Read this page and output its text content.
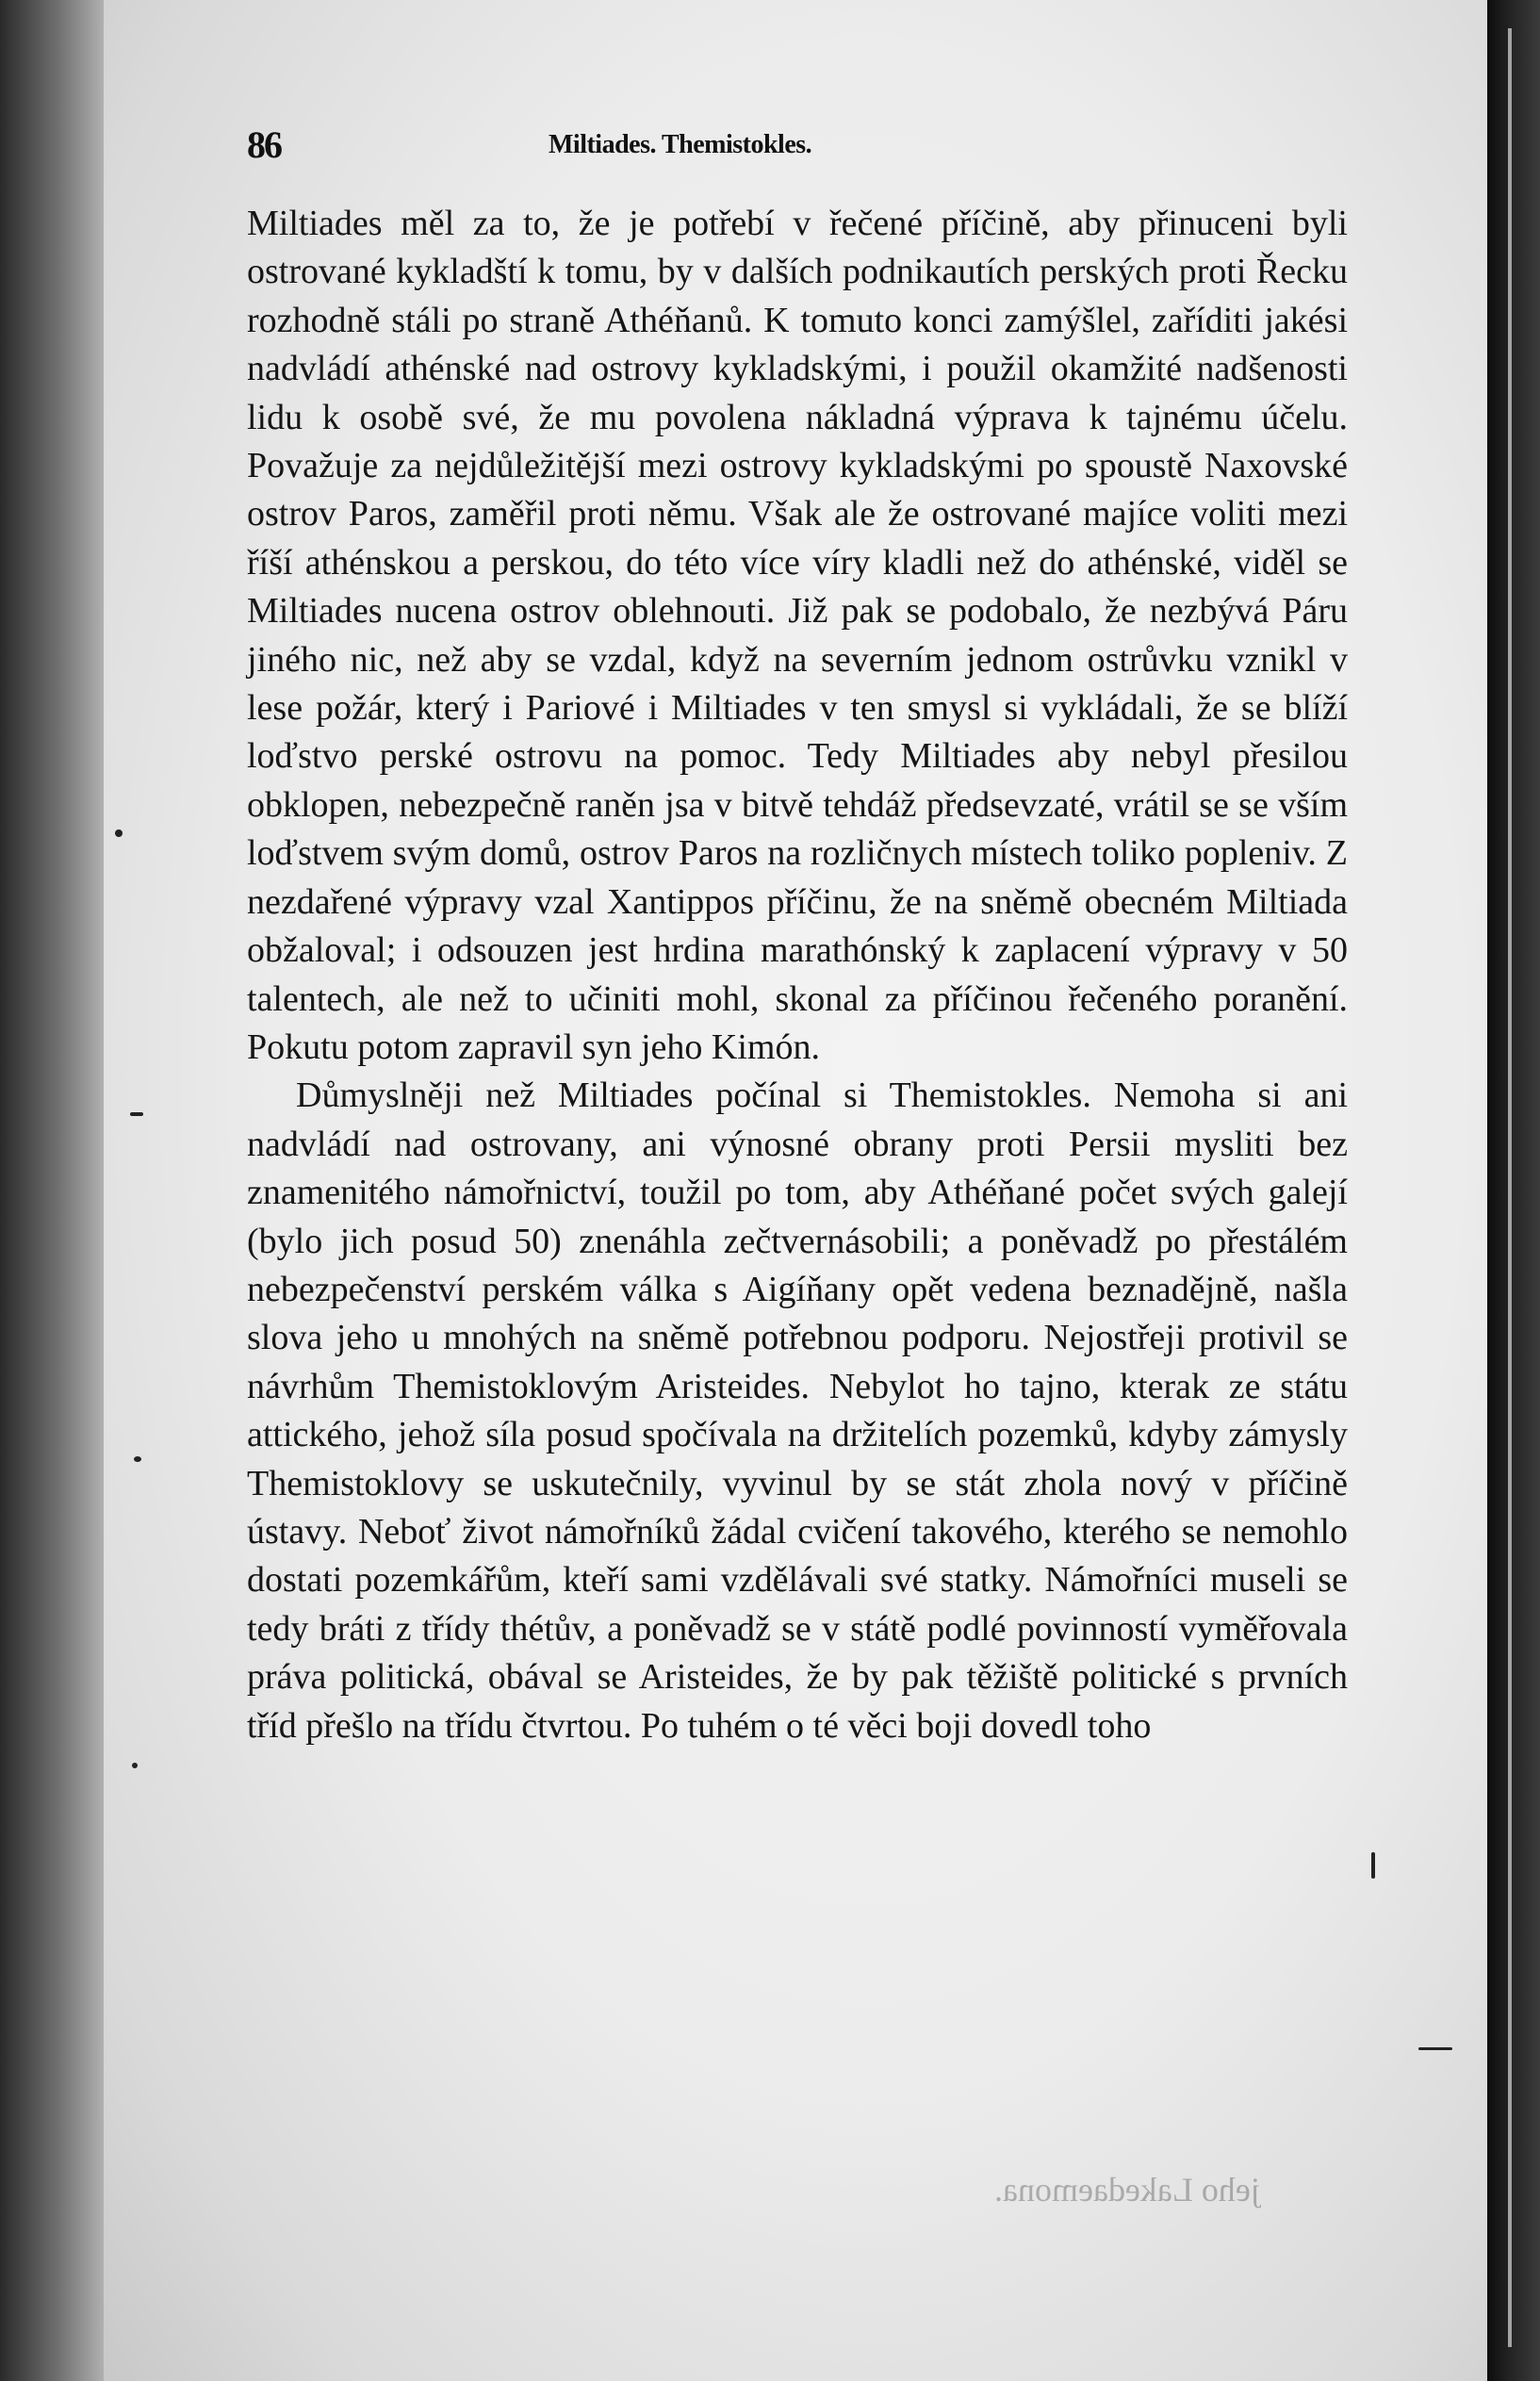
86	Miltiades. Themistokles.

Miltiades měl za to, že je potřebí v řečené příčině, aby přinuceni byli ostrované kykladští k tomu, by v dalších podnikautích perských proti Řecku rozhodně stáli po straně Athéňanů. K tomuto konci zamýšlel, zaříditi jakési nadvládí athénské nad ostrovy kykladskými, i použil okamžité nadšenosti lidu k osobě své, že mu povolena nákladná výprava k tajnému účelu. Považuje za nejdůležitější mezi ostrovy kykladskými po spoustě Naxovské ostrov Paros, zaměřil proti němu. Však ale že ostrované majíce voliti mezi říší athénskou a perskou, do této více víry kladli než do athénské, viděl se Miltiades nucena ostrov oblehnouti. Již pak se podobalo, že nezbývá Páru jiného nic, než aby se vzdal, když na severním jednom ostrůvku vznikl v lese požár, který i Pariové i Miltiades v ten smysl si vykládali, že se blíží loďstvo perské ostrovu na pomoc. Tedy Miltiades aby nebyl přesilou obklopen, nebezpečně raněn jsa v bitvě tehdáž předsevzaté, vrátil se se vším loďstvem svým domů, ostrov Paros na rozličnych místech toliko popleniv. Z nezdařené výpravy vzal Xantippos příčinu, že na sněmě obecném Miltiada obžaloval; i odsouzen jest hrdina marathónský k zaplacení výpravy v 50 talentech, ale než to učiniti mohl, skonal za příčinou řečeného poranění. Pokutu potom zapravil syn jeho Kimón.

Důmyslněji než Miltiades počínal si Themistokles. Nemoha si ani nadvládí nad ostrovany, ani výnosné obrany proti Persii mysliti bez znamenitého námořnictví, toužil po tom, aby Athéňané počet svých galejí (bylo jich posud 50) znenáhla zečtvernásobili; a poněvadž po přestálém nebezpečenství perském válka s Aigíňany opět vedena beznadějně, našla slova jeho u mnohých na sněmě potřebnou podporu. Nejostřeji protivil se návrhům Themistoklovým Aristeides. Nebylot ho tajno, kterak ze státu attického, jehož síla posud spočívala na držitelích pozemků, kdyby zámysly Themistoklovy se uskutečnily, vyvinul by se stát zhola nový v příčině ústavy. Neboť život námořníků žádal cvičení takového, kterého se nemohlo dostati pozemkářům, kteří sami vzdělávali své statky. Námořníci museli se tedy bráti z třídy thétův, a poněvadž se v státě podlé povinností vyměřovala práva politická, obával se Aristeides, že by pak těžiště politické s prvních tříd přešlo na třídu čtvrtou. Po tuhém o té věci boji dovedl toho

jeho Lakedaemona.
